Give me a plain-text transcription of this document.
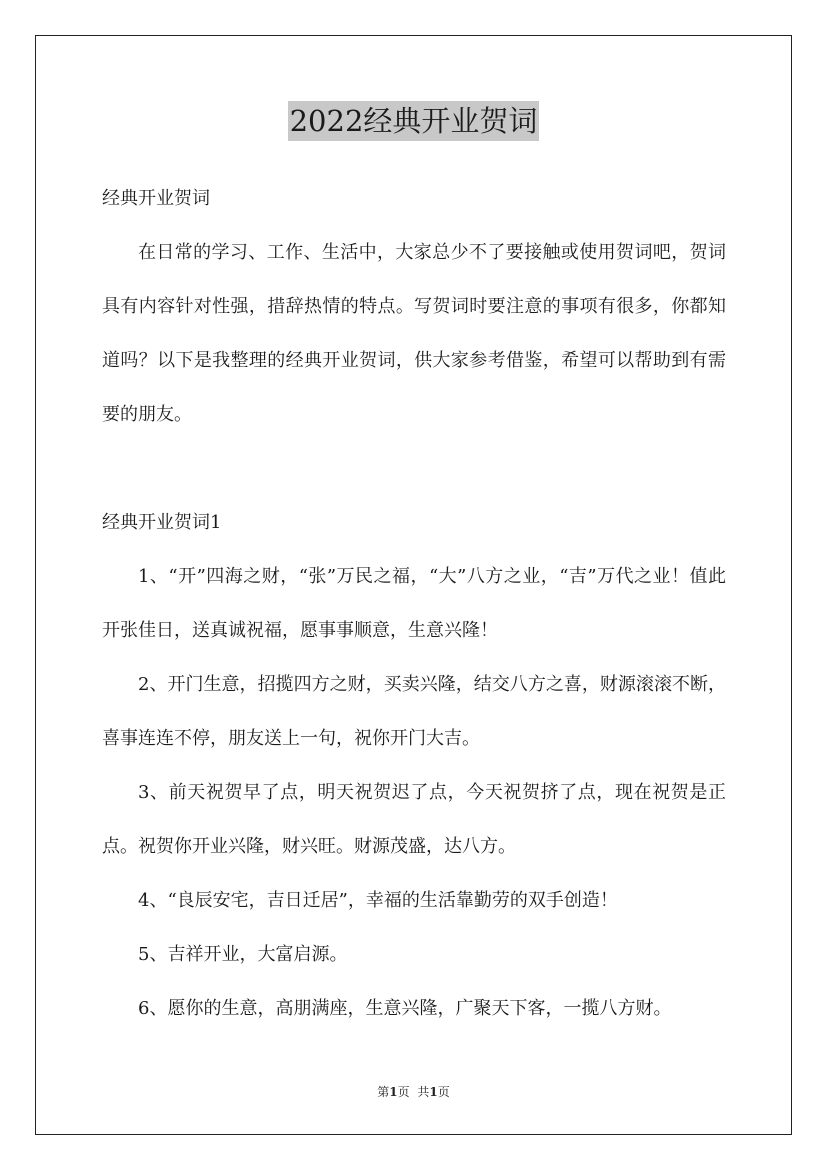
2022经典开业贺词

经典开业贺词

在日常的学习、工作、生活中，大家总少不了要接触或使用贺词吧，贺词具有内容针对性强，措辞热情的特点。写贺词时要注意的事项有很多，你都知道吗？以下是我整理的经典开业贺词，供大家参考借鉴，希望可以帮助到有需要的朋友。

经典开业贺词1

1、“开”四海之财，“张”万民之福，“大”八方之业，“吉”万代之业！值此开张佳日，送真诚祝福，愿事事顺意，生意兴隆！

2、开门生意，招揽四方之财，买卖兴隆，结交八方之喜，财源滚滚不断，喜事连连不停，朋友送上一句，祝你开门大吉。

3、前天祝贺早了点，明天祝贺迟了点，今天祝贺挤了点，现在祝贺是正点。祝贺你开业兴隆，财兴旺。财源茂盛，达八方。

4、“良辰安宅，吉日迁居”，幸福的生活靠勤劳的双手创造！

5、吉祥开业，大富启源。

6、愿你的生意，高朋满座，生意兴隆，广聚天下客，一揽八方财。

第1页 共1页
